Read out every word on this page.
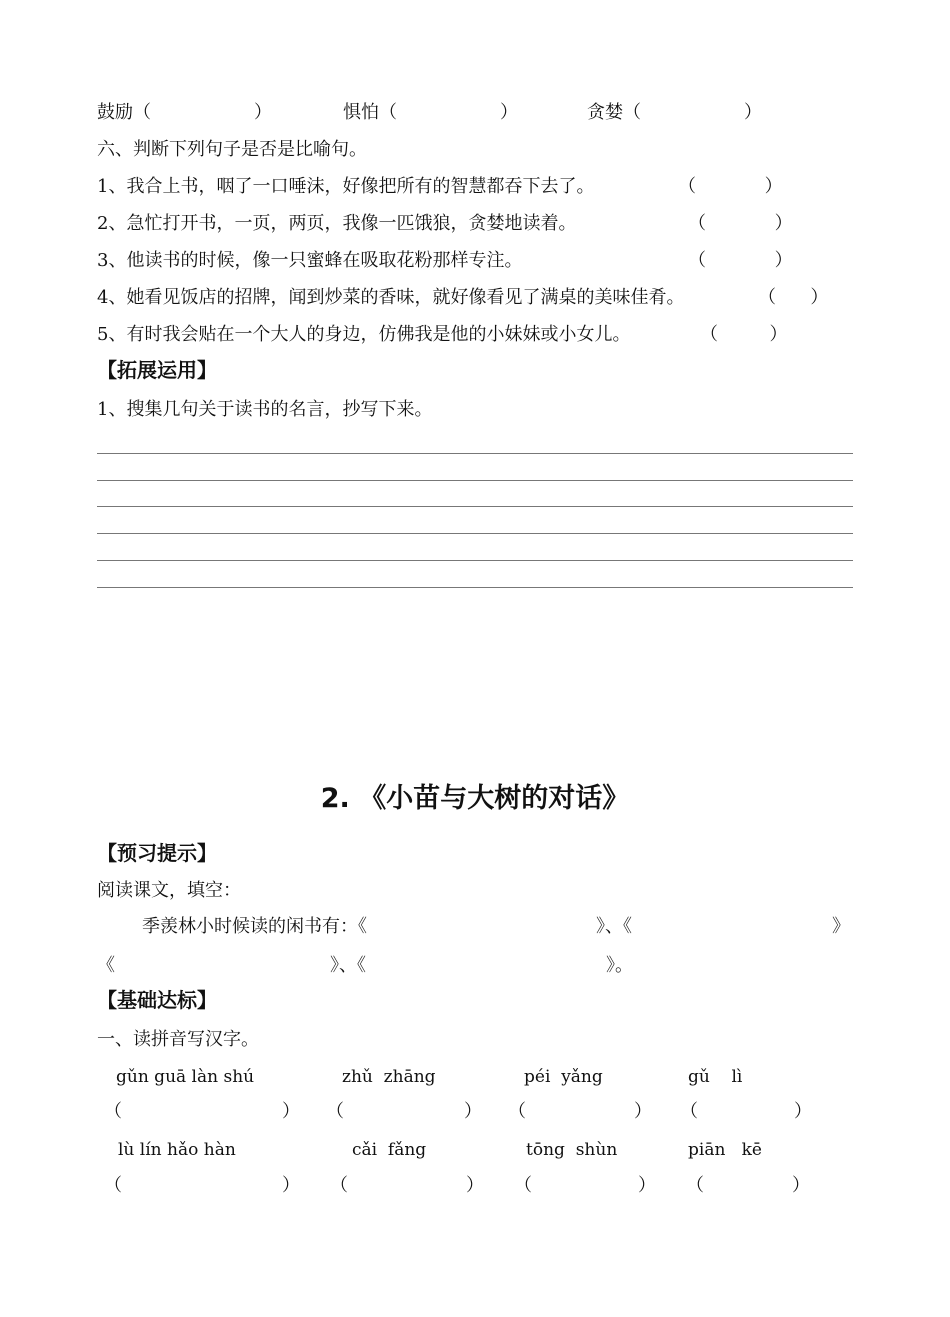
鼓励（                  ）	惧怕（                  ）	贪婪（                  ）
六、判断下列句子是否是比喻句。
1、我合上书，咽了一口唾沫，好像把所有的智慧都吞下去了。	（            ）
2、急忙打开书，一页，两页，我像一匹饿狼，贪婪地读着。	（            ）
3、他读书的时候，像一只蜜蜂在吸取花粉那样专注。	（            ）
4、她看见饭店的招牌，闻到炒菜的香味，就好像看见了满桌的美味佳肴。	（      ）
5、有时我会贴在一个大人的身边，仿佛我是他的小妹妹或小女儿。	（         ）
【拓展运用】
1、搜集几句关于读书的名言，抄写下来。
2. 《小苗与大树的对话》
【预习提示】
阅读课文，填空：
季羡林小时候读的闲书有：《	》、《	》
《	》、《	》。
【基础达标】
一、读拼音写汉字。
gǔn guā làn shú	zhǔ  zhāng	péi  yǎng	gǔ    lì
（	） （	） （	） （	）
lù lín hǎo hàn	cǎi  fǎng	tōng  shùn	piān   kē
（	） （	） （	） （	）
